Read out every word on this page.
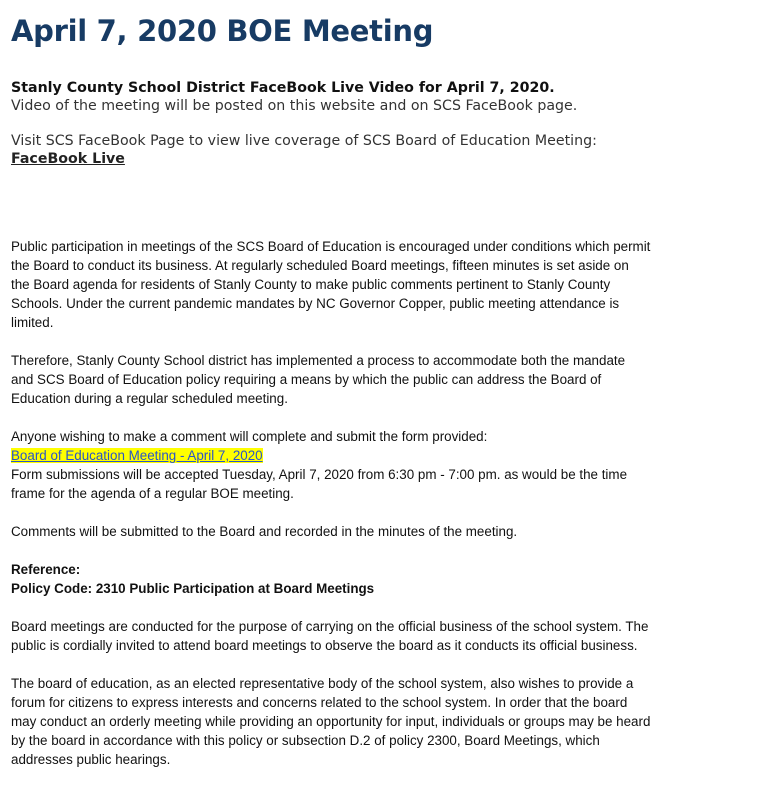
April 7, 2020 BOE Meeting
Stanly County School District FaceBook Live Video for April 7, 2020.
Video of the meeting will be posted on this website and on SCS FaceBook page.
Visit SCS FaceBook Page to view live coverage of SCS Board of Education Meeting:
FaceBook Live

Public participation in meetings of the SCS Board of Education is encouraged under conditions which permit the Board to conduct its business. At regularly scheduled Board meetings, fifteen minutes is set aside on the Board agenda for residents of Stanly County to make public comments pertinent to Stanly County Schools. Under the current pandemic mandates by NC Governor Copper, public meeting attendance is limited.

Therefore, Stanly County School district has implemented a process to accommodate both the mandate and SCS Board of Education policy requiring a means by which the public can address the Board of Education during a regular scheduled meeting.

Anyone wishing to make a comment will complete and submit the form provided:
Board of Education Meeting - April 7, 2020
Form submissions will be accepted Tuesday, April 7, 2020 from 6:30 pm - 7:00 pm. as would be the time frame for the agenda of a regular BOE meeting.

Comments will be submitted to the Board and recorded in the minutes of the meeting.

Reference:
Policy Code: 2310 Public Participation at Board Meetings

Board meetings are conducted for the purpose of carrying on the official business of the school system. The public is cordially invited to attend board meetings to observe the board as it conducts its official business.

The board of education, as an elected representative body of the school system, also wishes to provide a forum for citizens to express interests and concerns related to the school system. In order that the board may conduct an orderly meeting while providing an opportunity for input, individuals or groups may be heard by the board in accordance with this policy or subsection D.2 of policy 2300, Board Meetings, which addresses public hearings.
